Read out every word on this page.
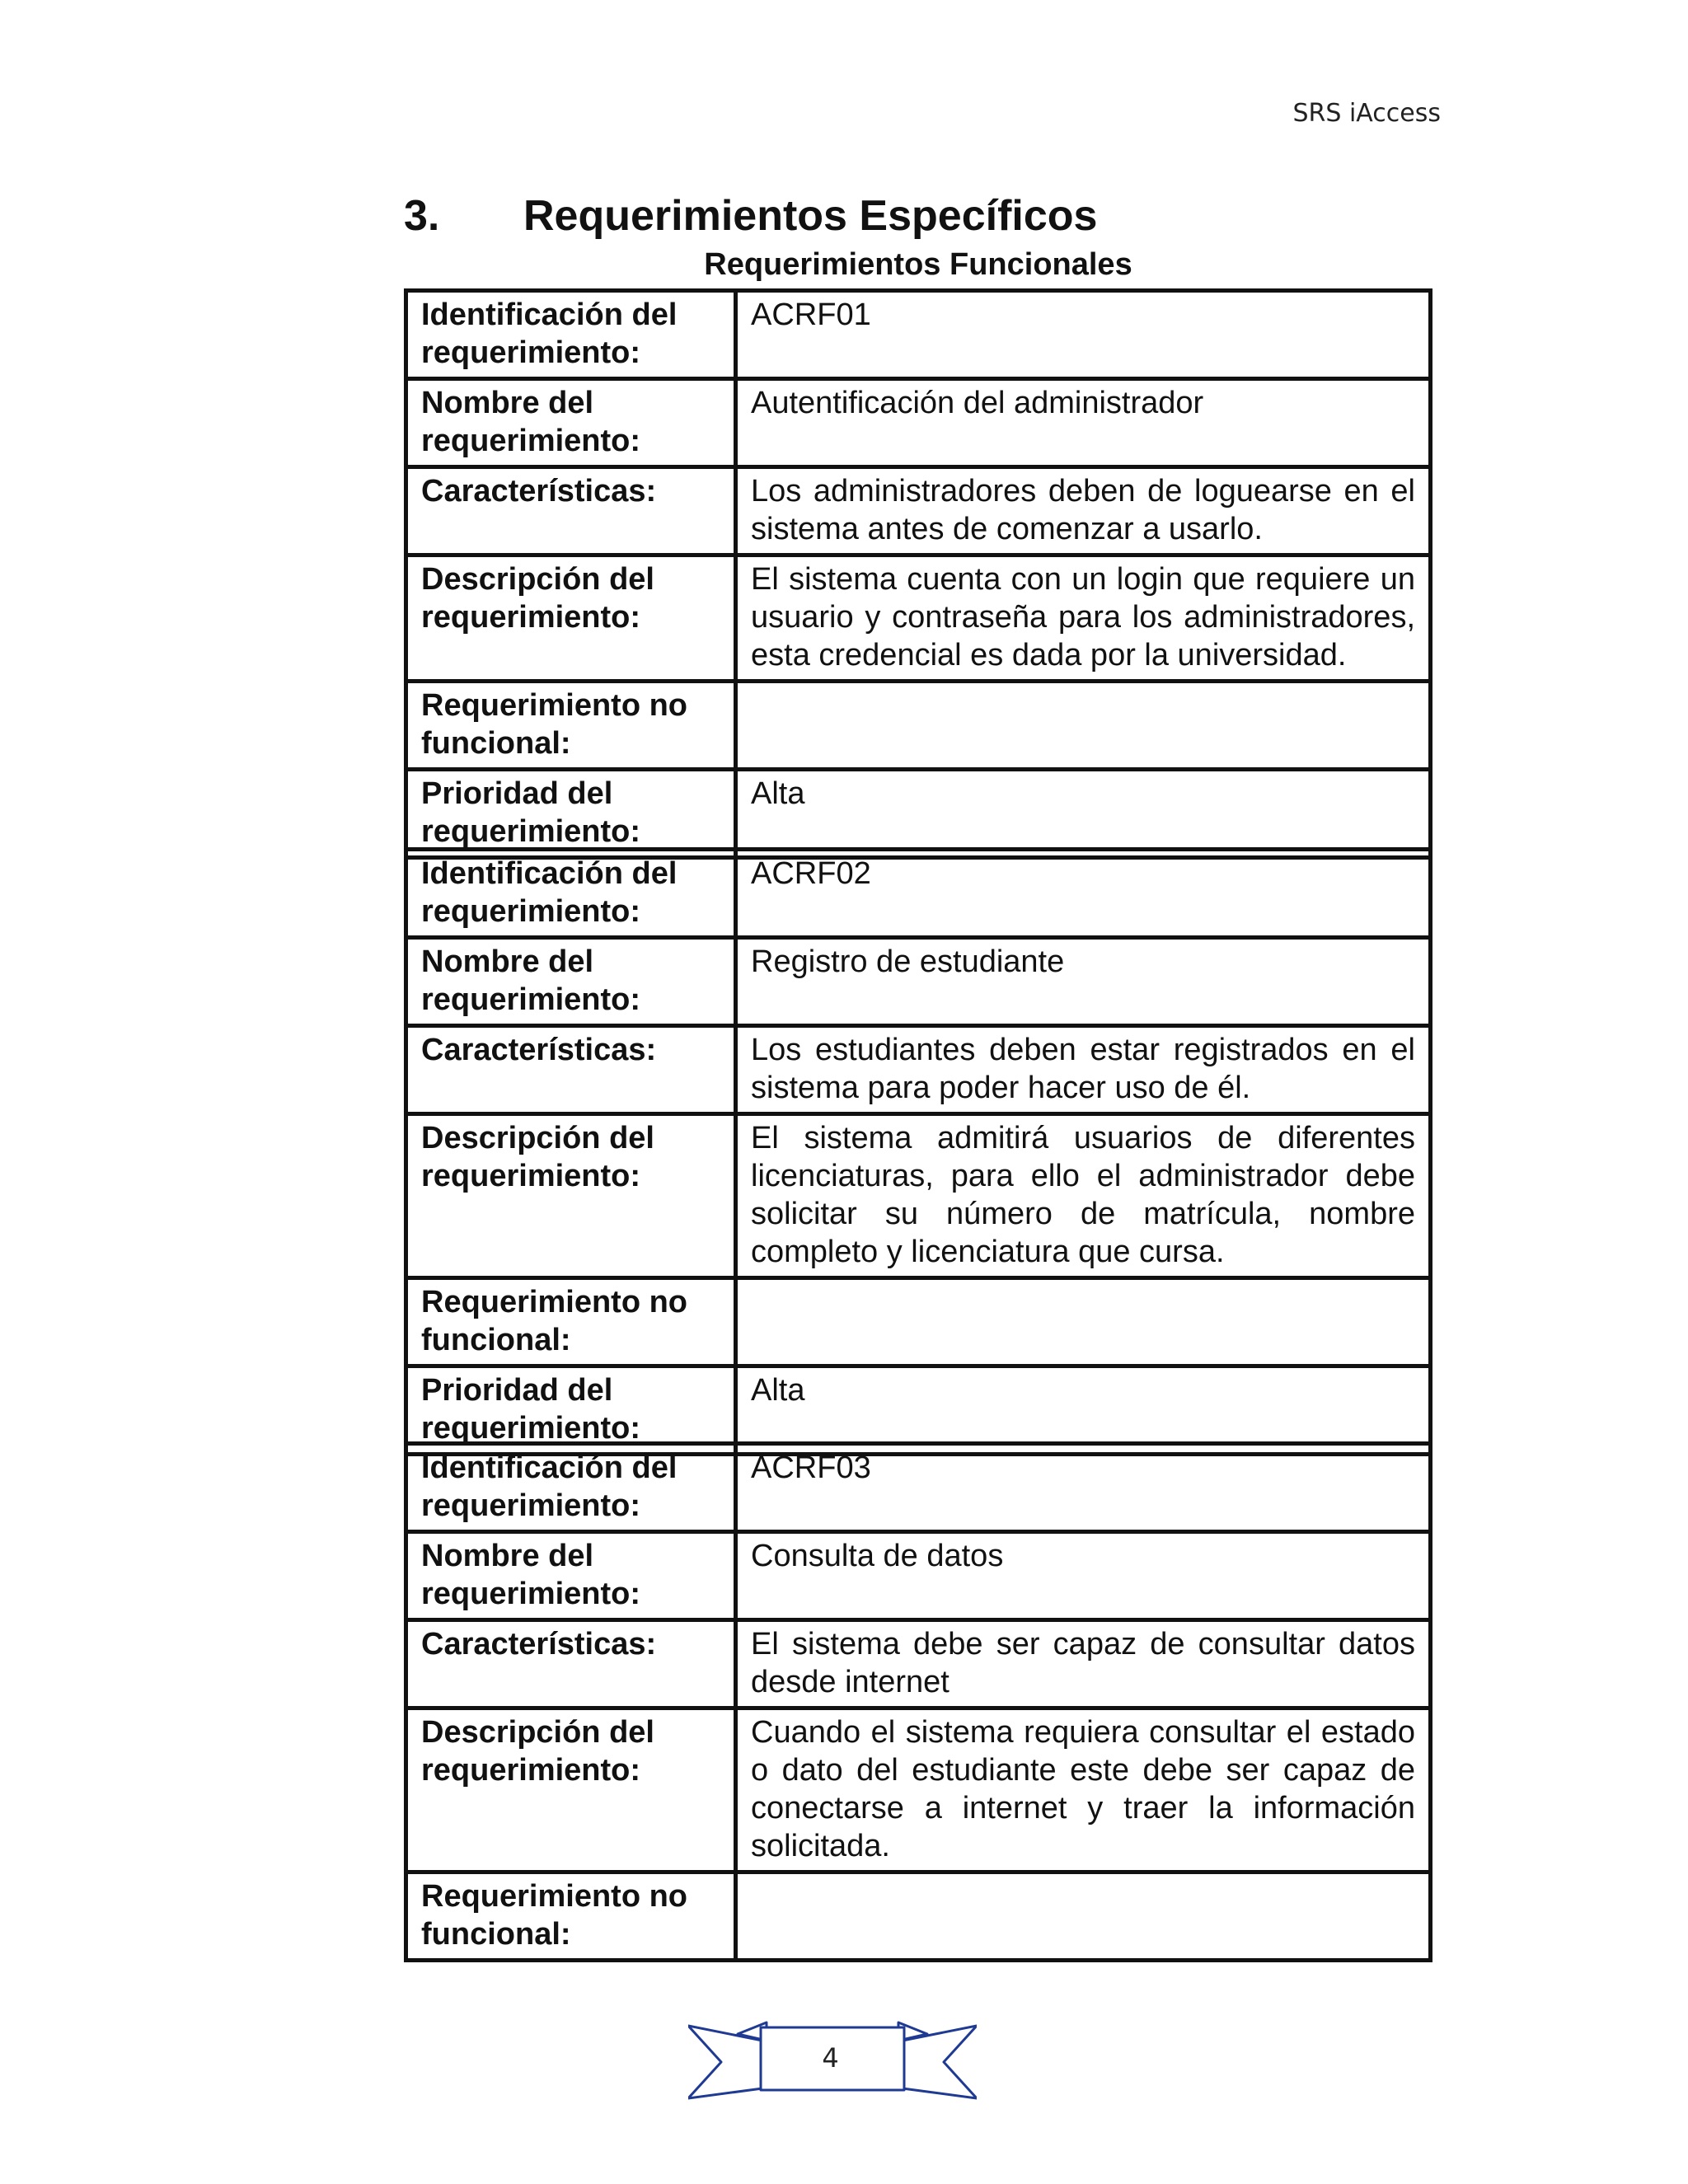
SRS iAccess
3.	Requerimientos Específicos
Requerimientos Funcionales
Identificación del requerimiento:	ACRF01
Nombre del requerimiento:	Autentificación del administrador
Características:	Los administradores deben de loguearse en el sistema antes de comenzar a usarlo.
Descripción del requerimiento:	El sistema cuenta con un login que requiere un usuario y contraseña para los administradores, esta credencial es dada por la universidad.
Requerimiento no funcional:	
Prioridad del requerimiento:	Alta
Identificación del requerimiento:	ACRF02
Nombre del requerimiento:	Registro de estudiante
Características:	Los estudiantes deben estar registrados en el sistema para poder hacer uso de él.
Descripción del requerimiento:	El sistema admitirá usuarios de diferentes licenciaturas, para ello el administrador debe solicitar su número de matrícula, nombre completo y licenciatura que cursa.
Requerimiento no funcional:	
Prioridad del requerimiento:	Alta
Identificación del requerimiento:	ACRF03
Nombre del requerimiento:	Consulta de datos
Características:	El sistema debe ser capaz de consultar datos desde internet
Descripción del requerimiento:	Cuando el sistema requiera consultar el estado o dato del estudiante este debe ser capaz de conectarse a internet y traer la información solicitada.
Requerimiento no funcional:	
4
